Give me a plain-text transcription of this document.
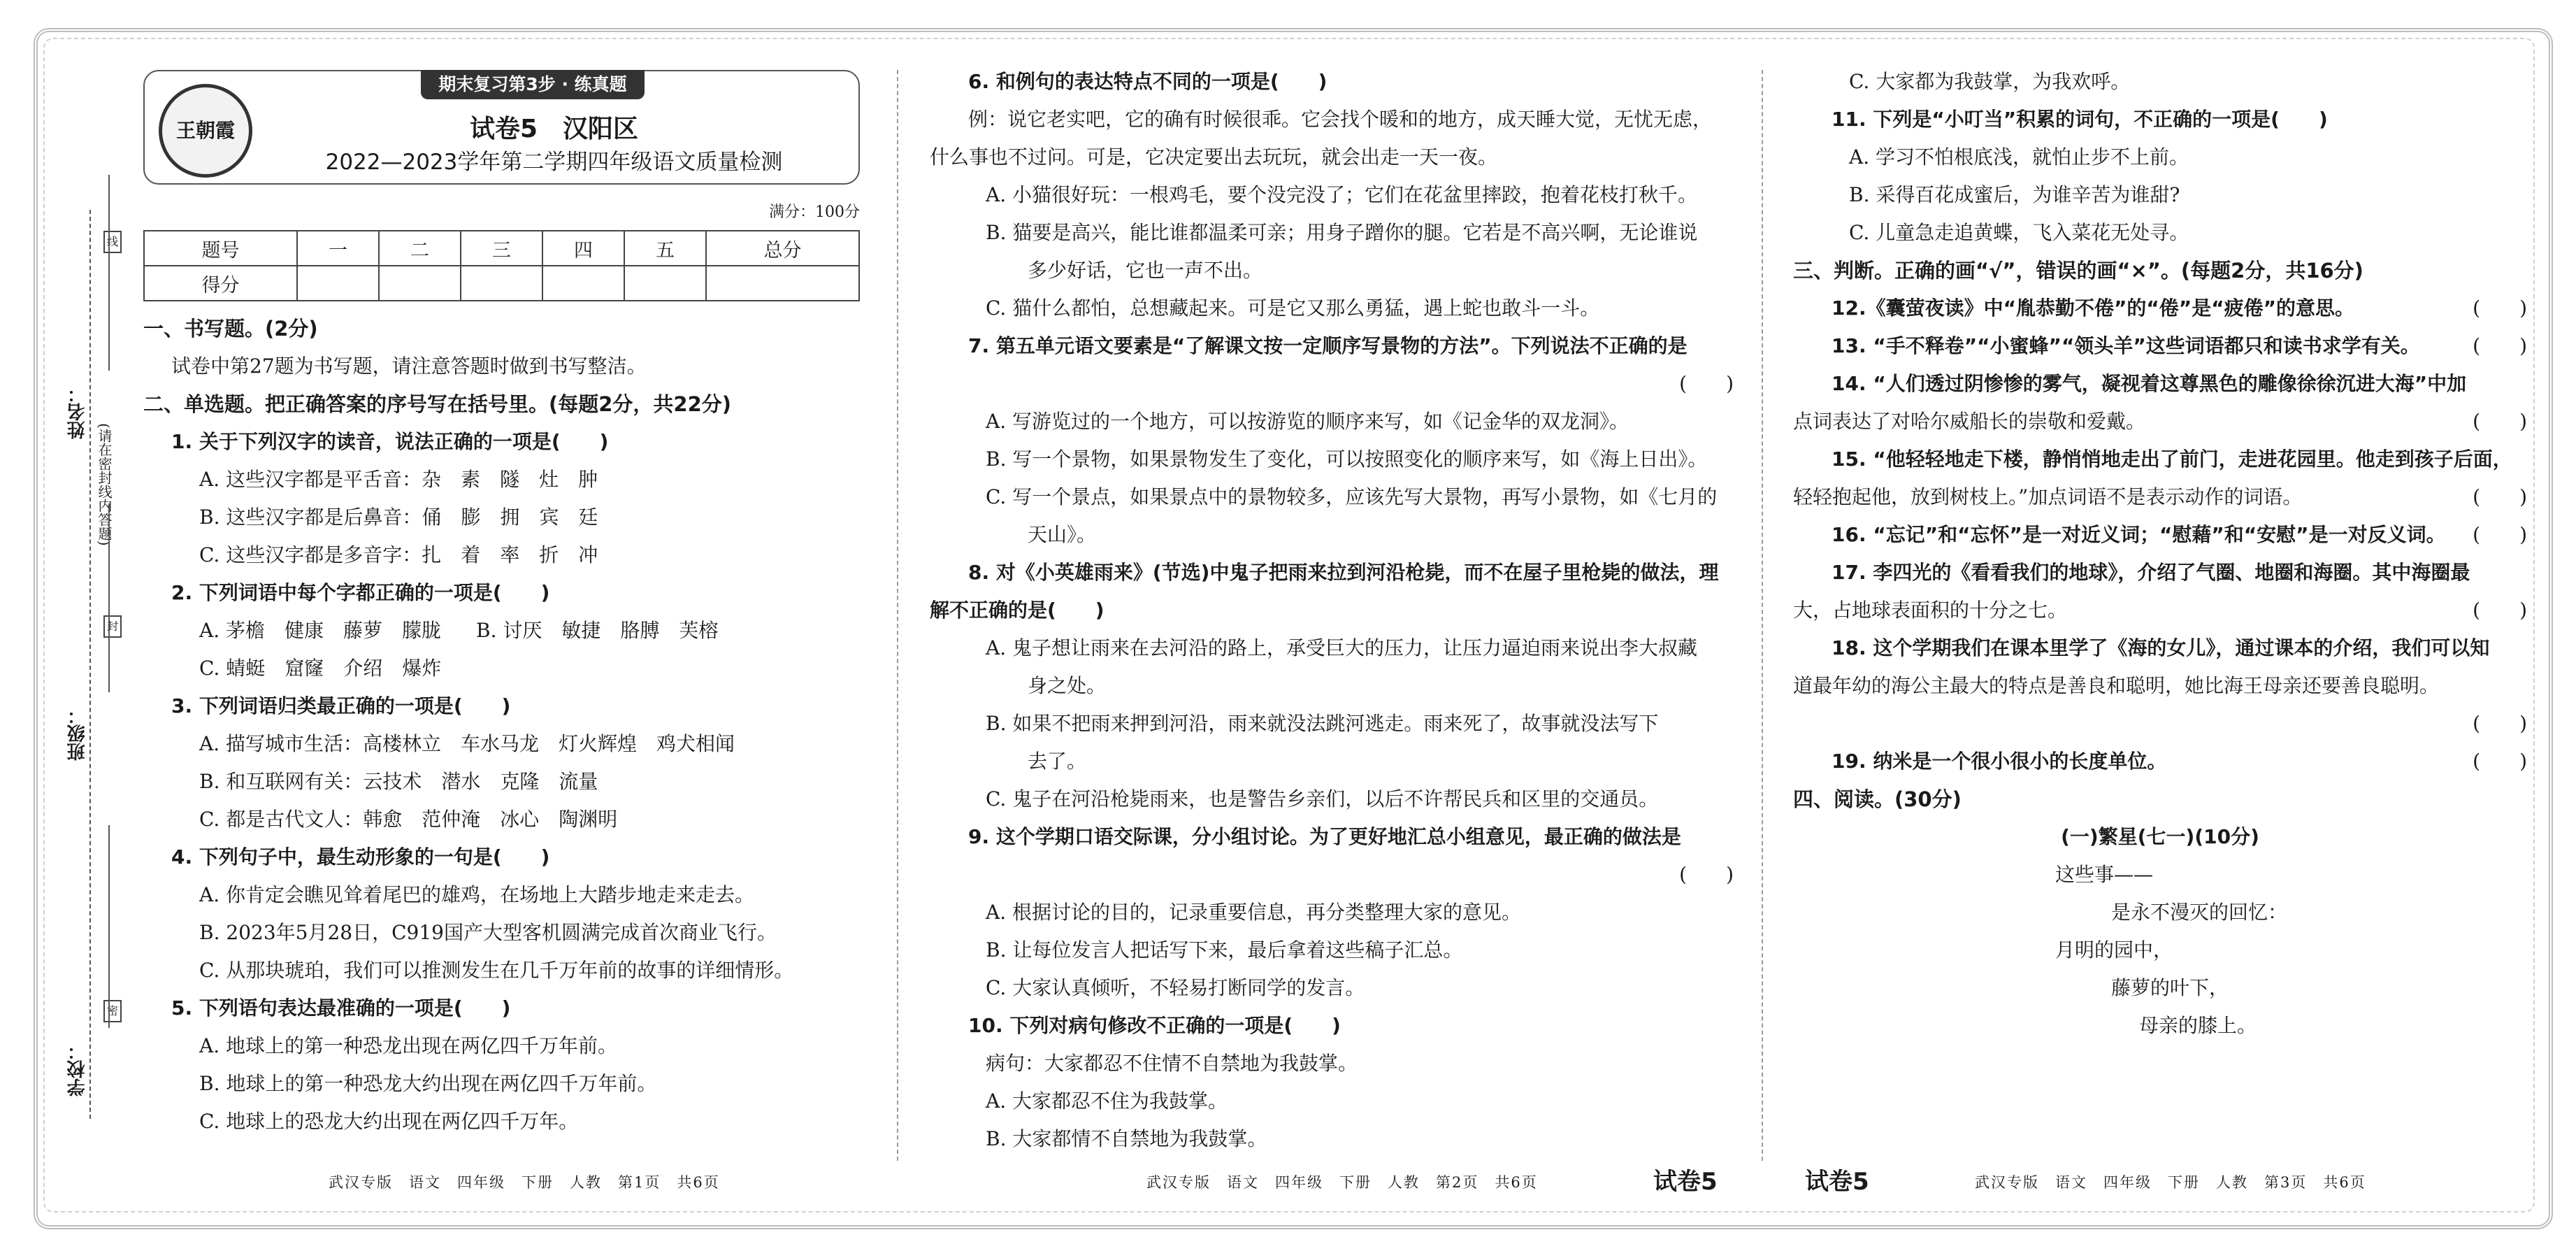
线
封
密
(请在密封线内答题)
姓名：
班级：
学校：
期末复习第3步 · 练真题
王朝霞	试卷5　汉阳区
2022—2023学年第二学期四年级语文质量检测
满分：100分
题号	一	二	三	四	五	总分
得分						
一、书写题。(2分)
试卷中第27题为书写题，请注意答题时做到书写整洁。
二、单选题。把正确答案的序号写在括号里。(每题2分，共22分)
1. 关于下列汉字的读音，说法正确的一项是(　　)
A. 这些汉字都是平舌音：杂　素　隧　灶　肿
B. 这些汉字都是后鼻音：俑　膨　拥　宾　廷
C. 这些汉字都是多音字：扎　着　率　折　冲
2. 下列词语中每个字都正确的一项是(　　)
A. 茅檐　健康　藤萝　朦胧 B. 讨厌　敏捷　胳膊　芙榕
C. 蜻蜓　窟窿　介绍　爆炸
3. 下列词语归类最正确的一项是(　　)
A. 描写城市生活：高楼林立　车水马龙　灯火辉煌　鸡犬相闻
B. 和互联网有关：云技术　潜水　克隆　流量
C. 都是古代文人：韩愈　范仲淹　冰心　陶渊明
4. 下列句子中，最生动形象的一句是(　　)
A. 你肯定会瞧见耸着尾巴的雄鸡，在场地上大踏步地走来走去。
B. 2023年5月28日，C919国产大型客机圆满完成首次商业飞行。
C. 从那块琥珀，我们可以推测发生在几千万年前的故事的详细情形。
5. 下列语句表达最准确的一项是(　　)
A. 地球上的第一种恐龙出现在两亿四千万年前。
B. 地球上的第一种恐龙大约出现在两亿四千万年前。
C. 地球上的恐龙大约出现在两亿四千万年。
武汉专版　语文　四年级　下册　人教　第1页　共6页
6. 和例句的表达特点不同的一项是(　　)
例：说它老实吧，它的确有时候很乖。它会找个暖和的地方，成天睡大觉，无忧无虑，
什么事也不过问。可是，它决定要出去玩玩，就会出走一天一夜。
A. 小猫很好玩：一根鸡毛，要个没完没了；它们在花盆里摔跤，抱着花枝打秋千。
B. 猫要是高兴，能比谁都温柔可亲；用身子蹭你的腿。它若是不高兴啊，无论谁说
多少好话，它也一声不出。
C. 猫什么都怕，总想藏起来。可是它又那么勇猛，遇上蛇也敢斗一斗。
7. 第五单元语文要素是“了解课文按一定顺序写景物的方法”。下列说法不正确的是
(　　)

A. 写游览过的一个地方，可以按游览的顺序来写，如《记金华的双龙洞》。
B. 写一个景物，如果景物发生了变化，可以按照变化的顺序来写，如《海上日出》。
C. 写一个景点，如果景点中的景物较多，应该先写大景物，再写小景物，如《七月的
天山》。
8. 对《小英雄雨来》(节选)中鬼子把雨来拉到河沿枪毙，而不在屋子里枪毙的做法，理
解不正确的是(　　)
A. 鬼子想让雨来在去河沿的路上，承受巨大的压力，让压力逼迫雨来说出李大叔藏
身之处。
B. 如果不把雨来押到河沿，雨来就没法跳河逃走。雨来死了，故事就没法写下
去了。
C. 鬼子在河沿枪毙雨来，也是警告乡亲们，以后不许帮民兵和区里的交通员。
9. 这个学期口语交际课，分小组讨论。为了更好地汇总小组意见，最正确的做法是
(　　)

A. 根据讨论的目的，记录重要信息，再分类整理大家的意见。
B. 让每位发言人把话写下来，最后拿着这些稿子汇总。
C. 大家认真倾听，不轻易打断同学的发言。
10. 下列对病句修改不正确的一项是(　　)
病句：大家都忍不住情不自禁地为我鼓掌。
A. 大家都忍不住为我鼓掌。
B. 大家都情不自禁地为我鼓掌。
武汉专版　语文　四年级　下册　人教　第2页　共6页	试卷5
C. 大家都为我鼓掌，为我欢呼。
11. 下列是“小叮当”积累的词句，不正确的一项是(　　)
A. 学习不怕根底浅，就怕止步不上前。
B. 采得百花成蜜后，为谁辛苦为谁甜?
C. 儿童急走追黄蝶，飞入菜花无处寻。
三、判断。正确的画“√”，错误的画“×”。(每题2分，共16分)
12.《囊萤夜读》中“胤恭勤不倦”的“倦”是“疲倦”的意思。	(　　)
13. “手不释卷”“小蜜蜂”“领头羊”这些词语都只和读书求学有关。	(　　)
14. “人们透过阴惨惨的雾气，凝视着这尊黑色的雕像徐徐沉进大海”中加
点词表达了对哈尔威船长的崇敬和爱戴。	(　　)
15. “他轻轻地走下楼，静悄悄地走出了前门，走进花园里。他走到孩子后面，
轻轻抱起他，放到树枝上。”加点词语不是表示动作的词语。	(　　)
16. “忘记”和“忘怀”是一对近义词；“慰藉”和“安慰”是一对反义词。 (　　)
17. 李四光的《看看我们的地球》，介绍了气圈、地圈和海圈。其中海圈最
大，占地球表面积的十分之七。	(　　)
18. 这个学期我们在课本里学了《海的女儿》，通过课本的介绍，我们可以知
道最年幼的海公主最大的特点是善良和聪明，她比海王母亲还要善良聪明。
(　　)

19. 纳米是一个很小很小的长度单位。	(　　)
四、阅读。(30分)
(一)繁星(七一)(10分)
这些事——
是永不漫灭的回忆：
月明的园中，
藤萝的叶下，
母亲的膝上。
试卷5	武汉专版　语文　四年级　下册　人教　第3页　共6页
